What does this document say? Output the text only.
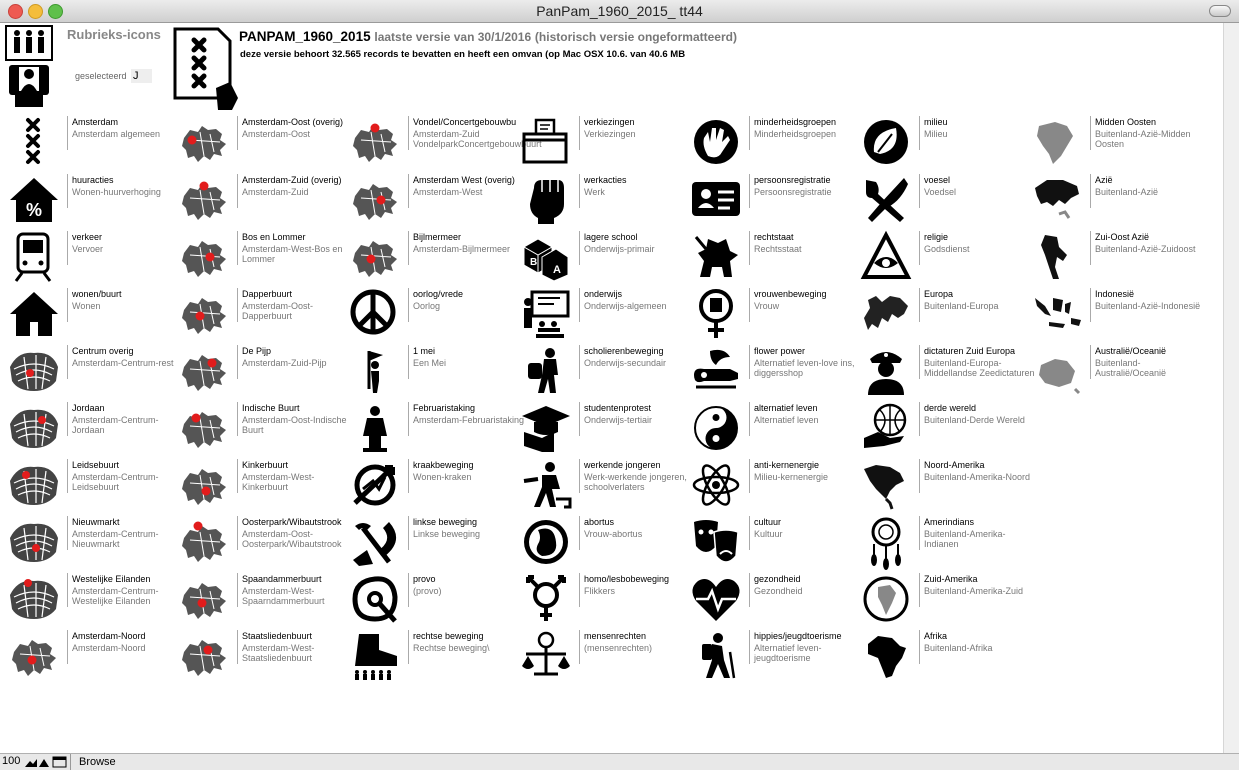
PanPam_1960_2015_ tt44
Rubrieks-icons
geselecteerd J
PANPAM_1960_2015 laatste versie van 30/1/2016 (historisch versie ongeformatteerd)
deze versie behoort 32.565 records te bevatten en heeft een omvan (op Mac OSX 10.6. van 40.6 MB
Amsterdam
Amsterdam algemeen
%
huuracties
Wonen-huurverhoging
verkeer
Vervoer
wonen/buurt
Wonen
Centrum overig
Amsterdam-Centrum-rest
Jordaan
Amsterdam-Centrum-Jordaan
Leidsebuurt
Amsterdam-Centrum-Leidsebuurt
Nieuwmarkt
Amsterdam-Centrum-Nieuwmarkt
Westelijke Eilanden
Amsterdam-Centrum-Westelijke Eilanden
Amsterdam-Noord
Amsterdam-Noord
Amsterdam-Oost (overig)
Amsterdam-Oost
Amsterdam-Zuid (overig)
Amsterdam-Zuid
Bos en Lommer
Amsterdam-West-Bos en Lommer
Dapperbuurt
Amsterdam-Oost-Dapperbuurt
De Pijp
Amsterdam-Zuid-Pijp
Indische Buurt
Amsterdam-Oost-Indische Buurt
Kinkerbuurt
Amsterdam-West-Kinkerbuurt
Oosterpark/Wibautstrook
Amsterdam-Oost-Oosterpark/Wibautstrook
Spaandammerbuurt
Amsterdam-West-Spaarndammerbuurt
Staatsliedenbuurt
Amsterdam-West-Staatsliedenbuurt
Vondel/Concertgebouwbu
Amsterdam-Zuid VondelparkConcertgebouwbuurt
Amsterdam West (overig)
Amsterdam-West
Bijlmermeer
Amsterdam-Bijlmermeer
oorlog/vrede
Oorlog
1 mei
Een Mei
Februaristaking
Amsterdam-Februaristaking
kraakbeweging
Wonen-kraken
linkse beweging
Linkse beweging
provo
(provo)
rechtse beweging
Rechtse beweging\
verkiezingen
Verkiezingen
werkacties
Werk
B
A
lagere school
Onderwijs-primair
onderwijs
Onderwijs-algemeen
scholierenbeweging
Onderwijs-secundair
studentenprotest
Onderwijs-tertiair
werkende jongeren
Werk-werkende jongeren, schoolverlaters
abortus
Vrouw-abortus
homo/lesbobeweging
Flikkers
mensenrechten
(mensenrechten)
minderheidsgroepen
Minderheidsgroepen
persoonsregistratie
Persoonsregistratie
rechtstaat
Rechtsstaat
vrouwenbeweging
Vrouw
flower power
Alternatief leven-love ins, diggersshop
alternatief leven
Alternatief leven
anti-kernenergie
Milieu-kernenergie
cultuur
Kultuur
gezondheid
Gezondheid
hippies/jeugdtoerisme
Alternatief leven-jeugdtoerisme
milieu
Milieu
voesel
Voedsel
religie
Godsdienst
Europa
Buitenland-Europa
dictaturen Zuid Europa
Buitenland-Europa-Middellandse Zeedictaturen
derde wereld
Buitenland-Derde Wereld
Noord-Amerika
Buitenland-Amerika-Noord
Amerindians
Buitenland-Amerika-Indianen
Zuid-Amerika
Buitenland-Amerika-Zuid
Afrika
Buitenland-Afrika
Midden Oosten
Buitenland-Azië-Midden Oosten
Azië
Buitenland-Azië
Zui-Oost Azië
Buitenland-Azië-Zuidoost
Indonesië
Buitenland-Azië-Indonesië
Australië/Oceanië
Buitenland-Australië/Oceanië
100	Browse
